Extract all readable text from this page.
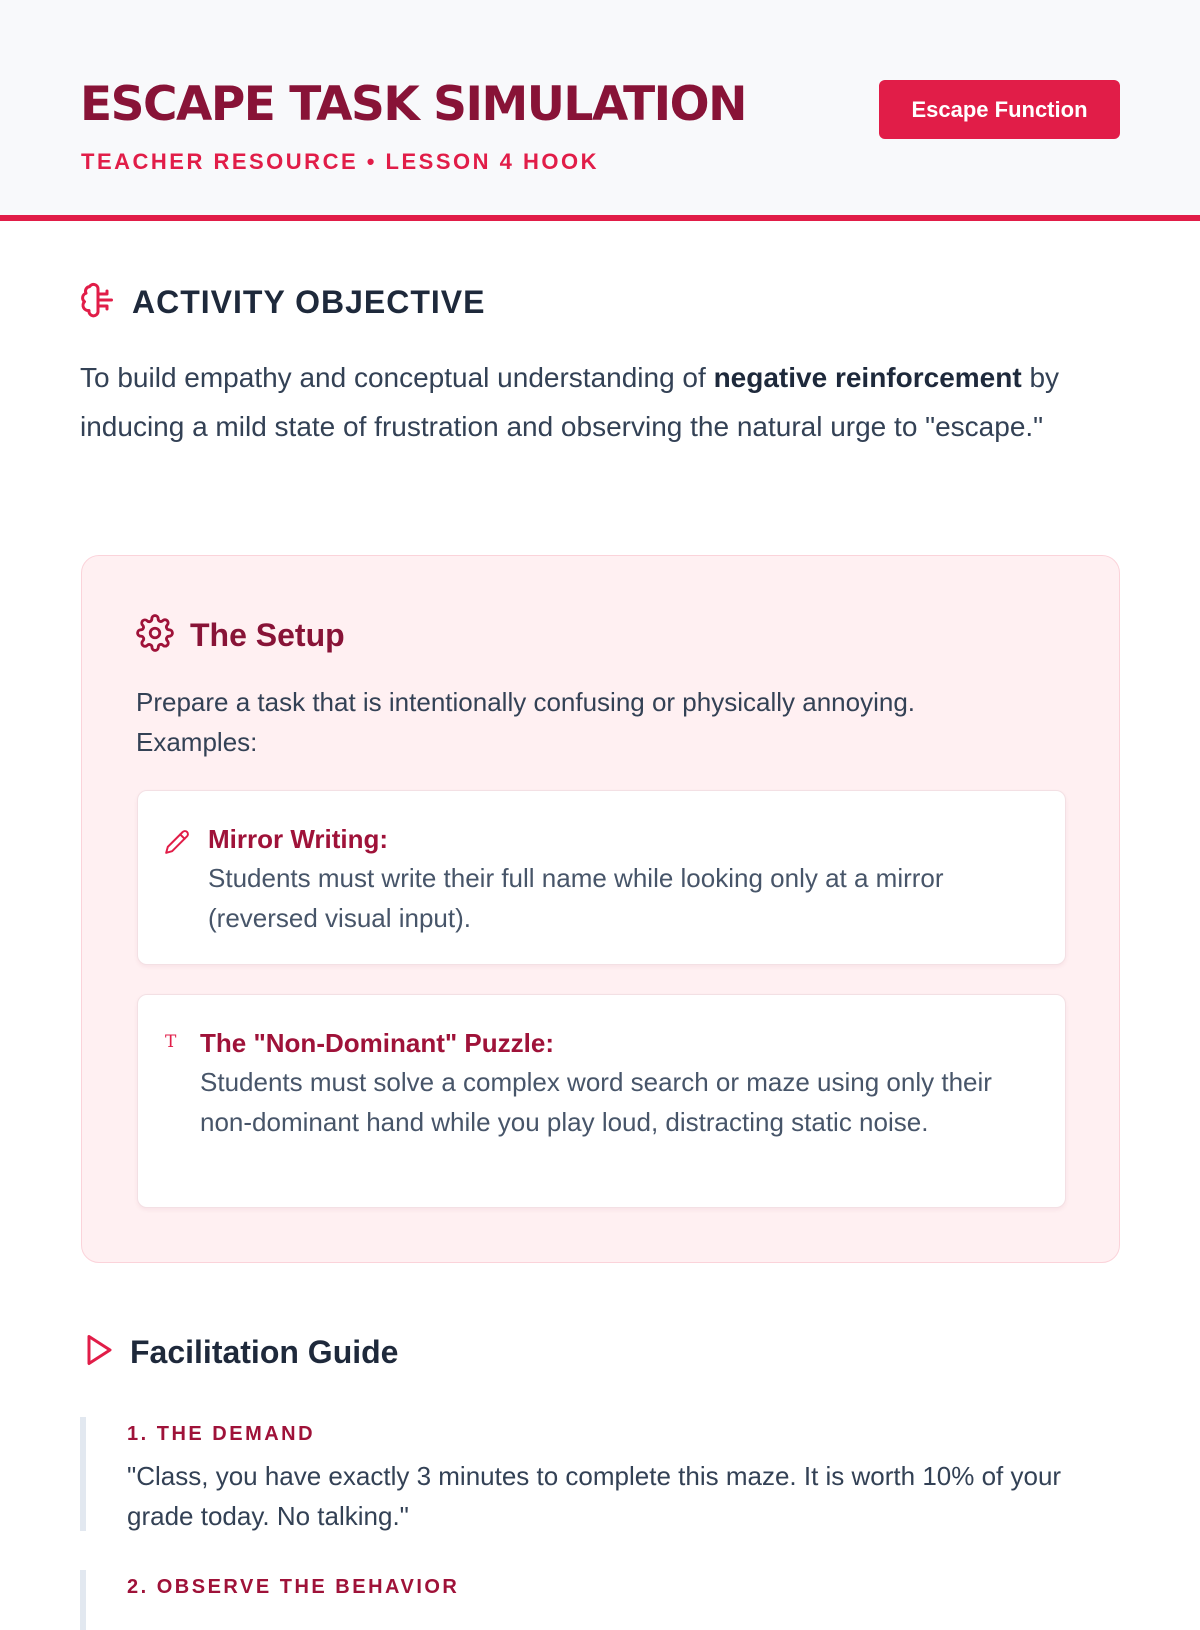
ESCAPE TASK SIMULATION
TEACHER RESOURCE • LESSON 4 HOOK
Escape Function
ACTIVITY OBJECTIVE

To build empathy and conceptual understanding of negative reinforcement by inducing a mild state of frustration and observing the natural urge to "escape."

The Setup

Prepare a task that is intentionally confusing or physically annoying. Examples:

Mirror Writing:

Students must write their full name while looking only at a mirror (reversed visual input).

T The "Non-Dominant" Puzzle:

Students must solve a complex word search or maze using only their non-dominant hand while you play loud, distracting static noise.

Facilitation Guide
1. THE DEMAND

"Class, you have exactly 3 minutes to complete this maze. It is worth 10% of your grade today. No talking."

2. OBSERVE THE BEHAVIOR
